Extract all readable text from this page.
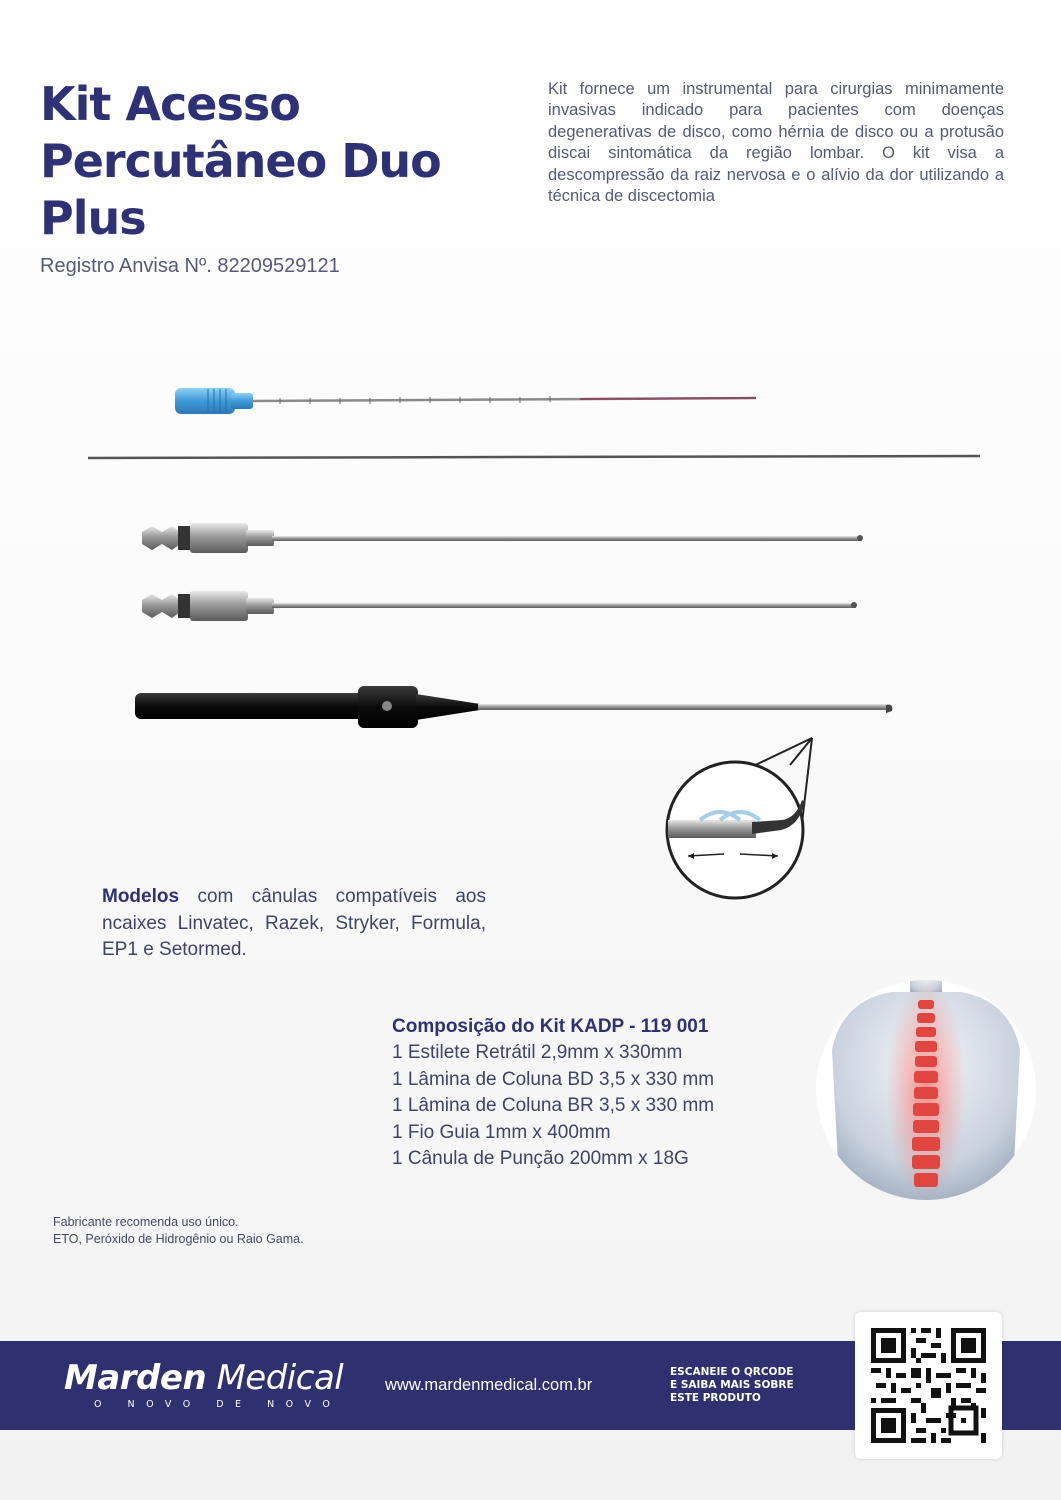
Kit Acesso Percutâneo Duo Plus
Registro Anvisa Nº. 82209529121

Kit fornece um instrumental para cirurgias minimamente invasivas indicado para pacientes com doenças degenerativas de disco, como hérnia de disco ou a protusão discai sintomática da região lombar. O kit visa a descompressão da raiz nervosa e o alívio da dor utilizando a técnica de discectomia

Modelos com cânulas compatíveis aos ncaixes Linvatec, Razek, Stryker, Formula, EP1 e Setormed.

Composição do Kit KADP - 119 001
1 Estilete Retrátil 2,9mm x 330mm
1 Lâmina de Coluna BD 3,5 x 330 mm
1 Lâmina de Coluna BR 3,5 x 330 mm
1 Fio Guia 1mm x 400mm
1 Cânula de Punção 200mm x 18G
Fabricante recomenda uso único.
ETO, Peróxido de Hidrogênio ou Raio Gama.
Marden Medical
O NOVO DE NOVO
www.mardenmedical.com.br
ESCANEIE O QRCODE
E SAIBA MAIS SOBRE
ESTE PRODUTO
